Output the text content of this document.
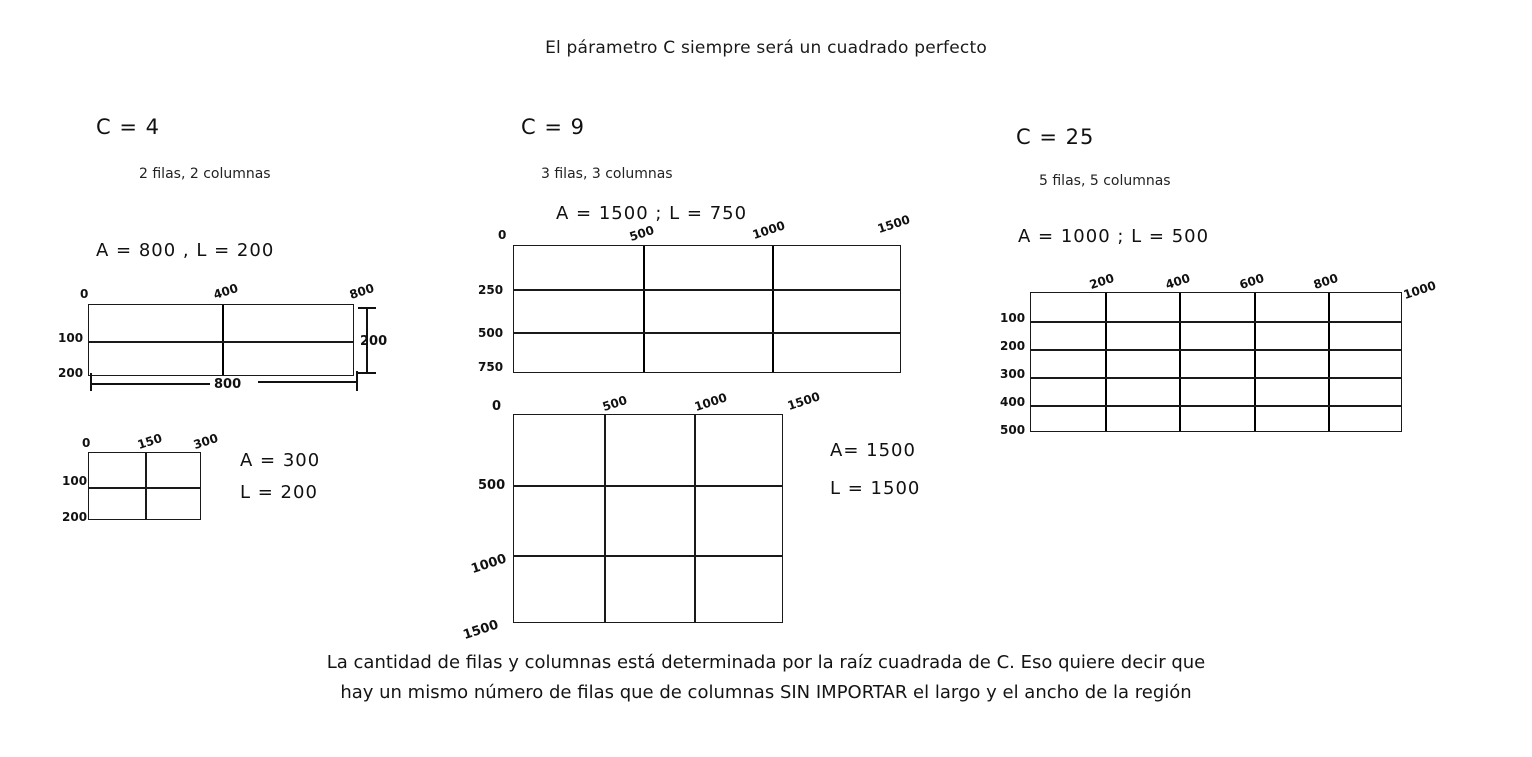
El párametro C siempre será un cuadrado perfecto
C = 4
2 filas, 2 columnas
A = 800 , L = 200
0	400	800
100
200
800
200
0	150 300
100
200
A = 300
L = 200
C = 9
3 filas, 3 columnas
A = 1500 ; L = 750
0	500	1000	1500
250
500
750
0	500	1000	1500
500
1000
1500
A= 1500
L = 1500
C = 25
5 filas, 5 columnas
A = 1000 ; L = 500
200	400	600	800	1000
100
200
300
400
500
La cantidad de filas y columnas está determinada por la raíz cuadrada de C. Eso quiere decir que
hay un mismo número de filas que de columnas SIN IMPORTAR el largo y el ancho de la región
